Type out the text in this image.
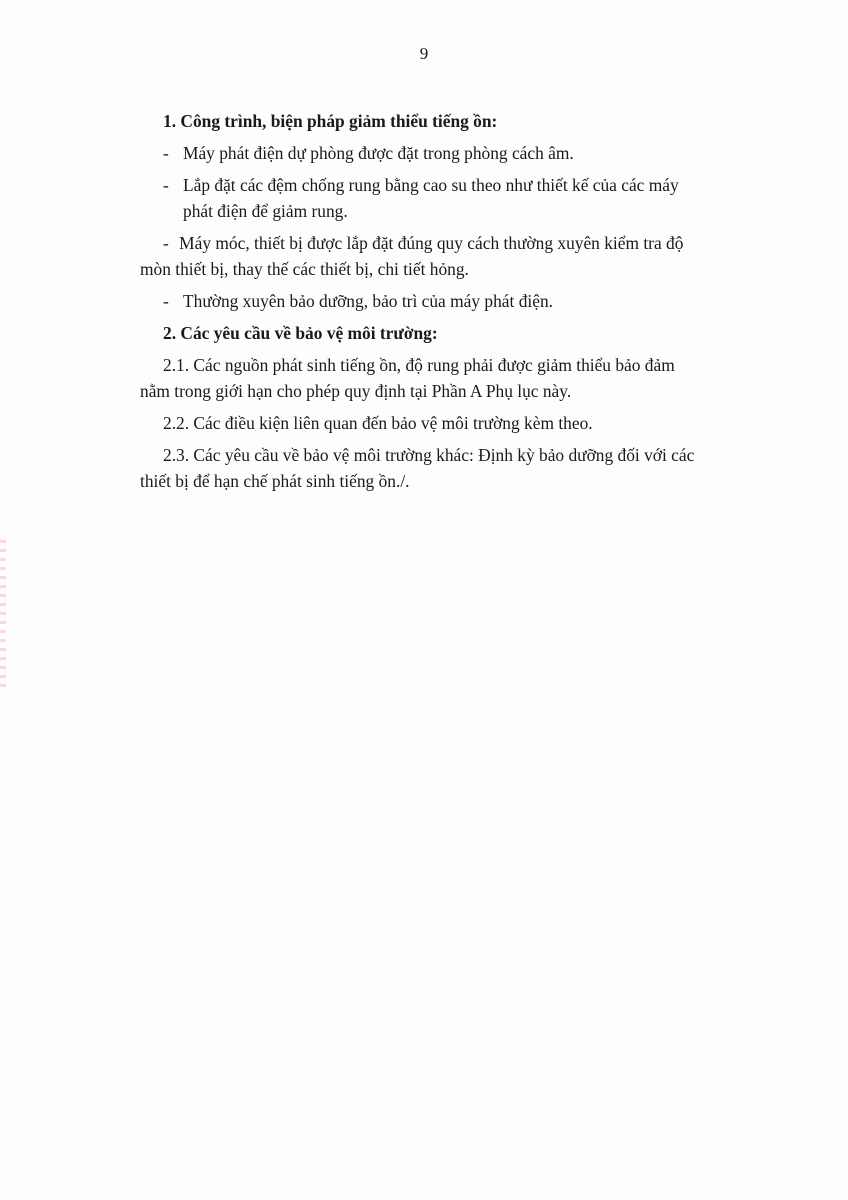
9
1. Công trình, biện pháp giảm thiểu tiếng ồn:
- Máy phát điện dự phòng được đặt trong phòng cách âm.
- Lắp đặt các đệm chống rung bằng cao su theo như thiết kế của các máy
phát điện để giảm rung.
- Máy móc, thiết bị được lắp đặt đúng quy cách thường xuyên kiểm tra độ
mòn thiết bị, thay thế các thiết bị, chi tiết hỏng.
- Thường xuyên bảo dưỡng, bảo trì của máy phát điện.
2. Các yêu cầu về bảo vệ môi trường:
2.1. Các nguồn phát sinh tiếng ồn, độ rung phải được giảm thiểu bảo đảm
nằm trong giới hạn cho phép quy định tại Phần A Phụ lục này.
2.2. Các điều kiện liên quan đến bảo vệ môi trường kèm theo.
2.3. Các yêu cầu về bảo vệ môi trường khác: Định kỳ bảo dưỡng đối với các
thiết bị để hạn chế phát sinh tiếng ồn./.
